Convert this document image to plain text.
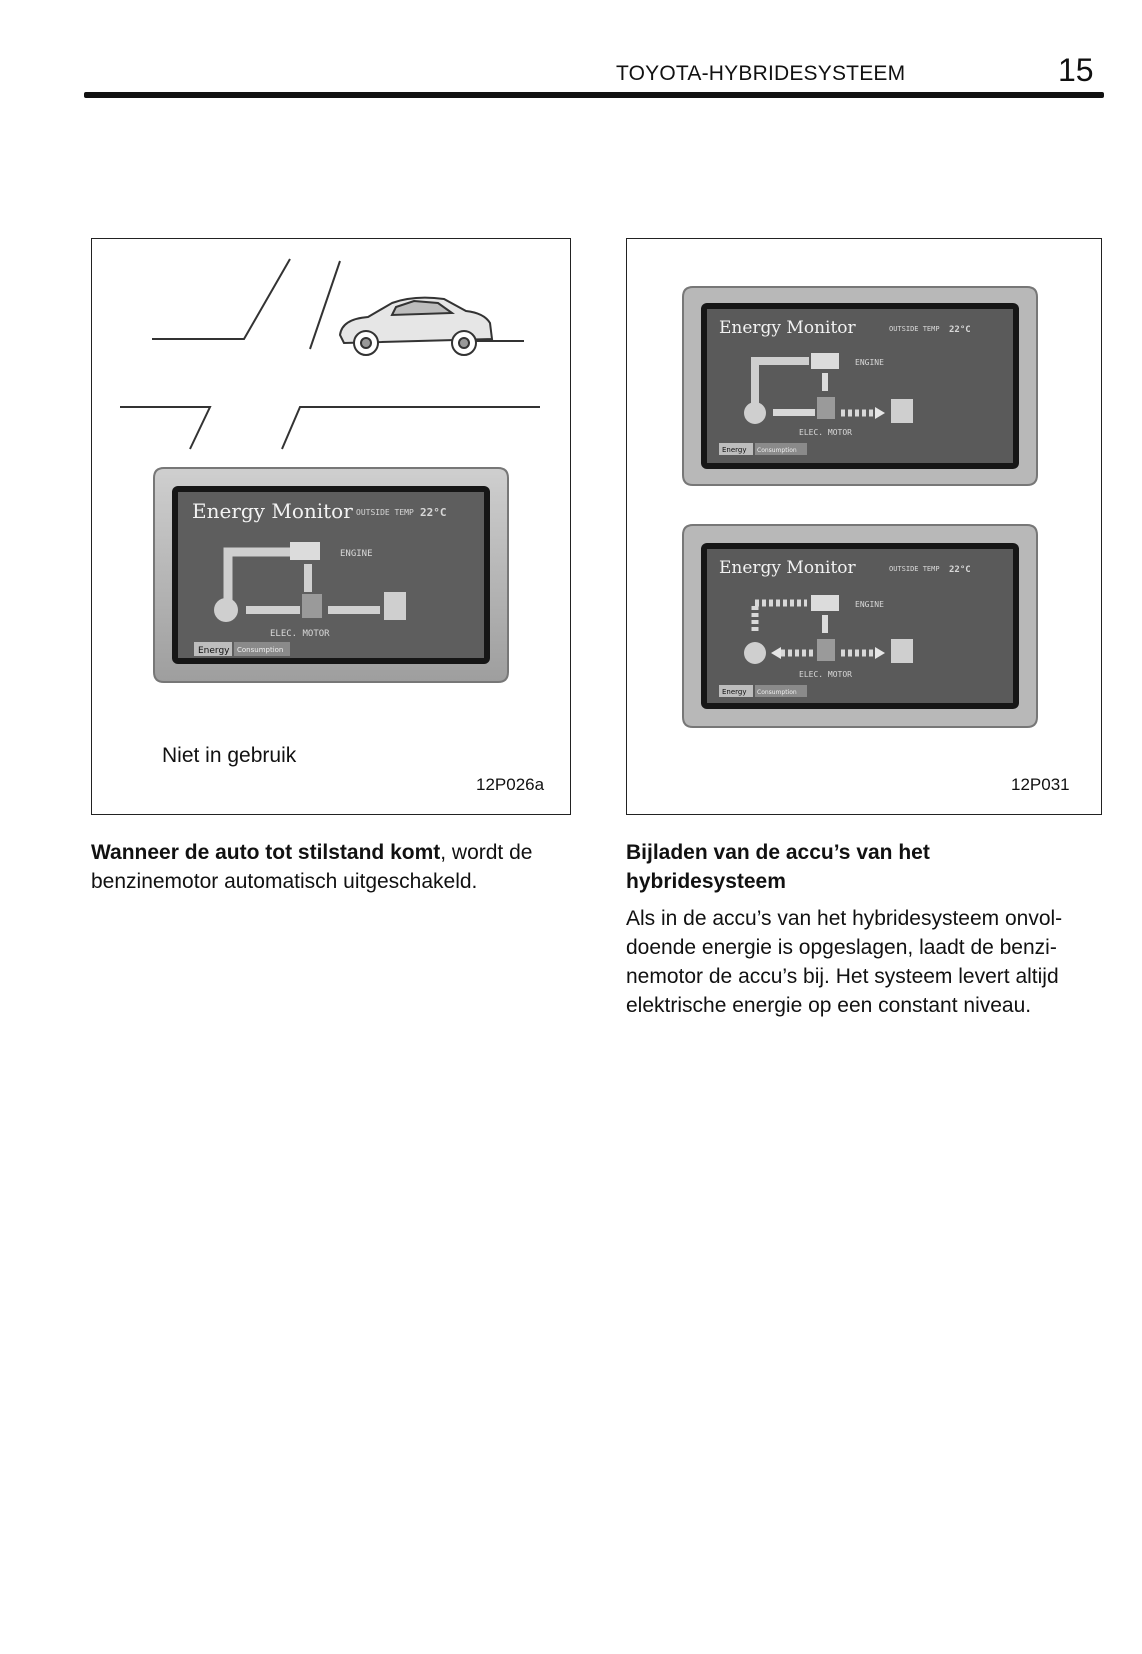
TOYOTA-HYBRIDESYSTEEM	15
Energy Monitor OUTSIDE TEMP 22°C
ENGINE
ELEC. MOTOR
Energy Consumption
Niet in gebruik
12P026a
Energy Monitor	OUTSIDE TEMP 22°C
ENGINE
ELEC. MOTOR
Energy Consumption
Energy Monitor	OUTSIDE TEMP 22°C
ENGINE
ELEC. MOTOR
Energy Consumption
12P031
Wanneer de auto tot stilstand komt, wordt de
benzinemotor automatisch uitgeschakeld.
Bijladen van de accu’s van het
hybridesysteem
Als in de accu’s van het hybridesysteem onvol-
doende energie is opgeslagen, laadt de benzi-
nemotor de accu’s bij. Het systeem levert altijd
elektrische energie op een constant niveau.
